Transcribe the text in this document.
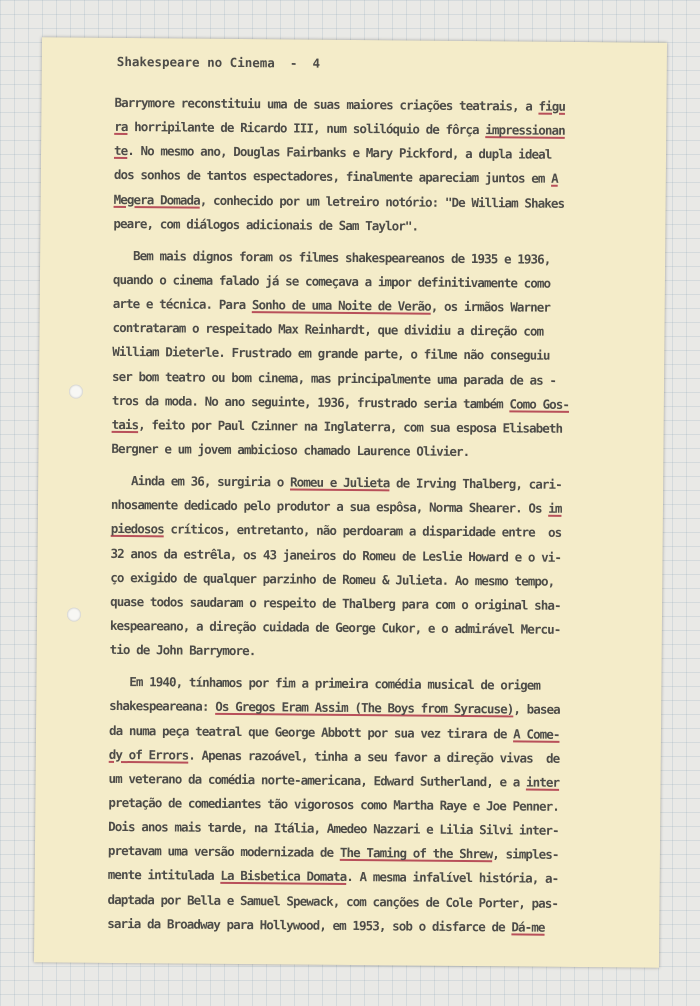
Shakespeare no Cinema  -  4
Barrymore reconstituiu uma de suas maiores criações teatrais, a figu
ra horripilante de Ricardo III, num solilóquio de fôrça impressionan
te. No mesmo ano, Douglas Fairbanks e Mary Pickford, a dupla ideal
dos sonhos de tantos espectadores, finalmente apareciam juntos em A
Megera Domada, conhecido por um letreiro notório: "De William Shakes
peare, com diálogos adicionais de Sam Taylor".
Bem mais dignos foram os filmes shakespeareanos de 1935 e 1936,
quando o cinema falado já se começava a impor definitivamente como
arte e técnica. Para Sonho de uma Noite de Verão, os irmãos Warner
contrataram o respeitado Max Reinhardt, que dividiu a direção com
William Dieterle. Frustrado em grande parte, o filme não conseguiu
ser bom teatro ou bom cinema, mas principalmente uma parada de as -
tros da moda. No ano seguinte, 1936, frustrado seria também Como Gos-
tais, feito por Paul Czinner na Inglaterra, com sua esposa Elisabeth
Bergner e um jovem ambicioso chamado Laurence Olivier.
Ainda em 36, surgiria o Romeu e Julieta de Irving Thalberg, cari-
nhosamente dedicado pelo produtor a sua espôsa, Norma Shearer. Os im
piedosos críticos, entretanto, não perdoaram a disparidade entre  os
32 anos da estrêla, os 43 janeiros do Romeu de Leslie Howard e o vi-
ço exigido de qualquer parzinho de Romeu & Julieta. Ao mesmo tempo,
quase todos saudaram o respeito de Thalberg para com o original sha-
kespeareano, a direção cuidada de George Cukor, e o admirável Mercu-
tio de John Barrymore.
Em 1940, tínhamos por fim a primeira comédia musical de origem
shakespeareana: Os Gregos Eram Assim (The Boys from Syracuse), basea
da numa peça teatral que George Abbott por sua vez tirara de A Come-
dy of Errors. Apenas razoável, tinha a seu favor a direção vivas  de
um veterano da comédia norte-americana, Edward Sutherland, e a inter
pretação de comediantes tão vigorosos como Martha Raye e Joe Penner.
Dois anos mais tarde, na Itália, Amedeo Nazzari e Lilia Silvi inter-
pretavam uma versão modernizada de The Taming of the Shrew, simples-
mente intitulada La Bisbetica Domata. A mesma infalível história, a-
daptada por Bella e Samuel Spewack, com canções de Cole Porter, pas-
saria da Broadway para Hollywood, em 1953, sob o disfarce de Dá-me
